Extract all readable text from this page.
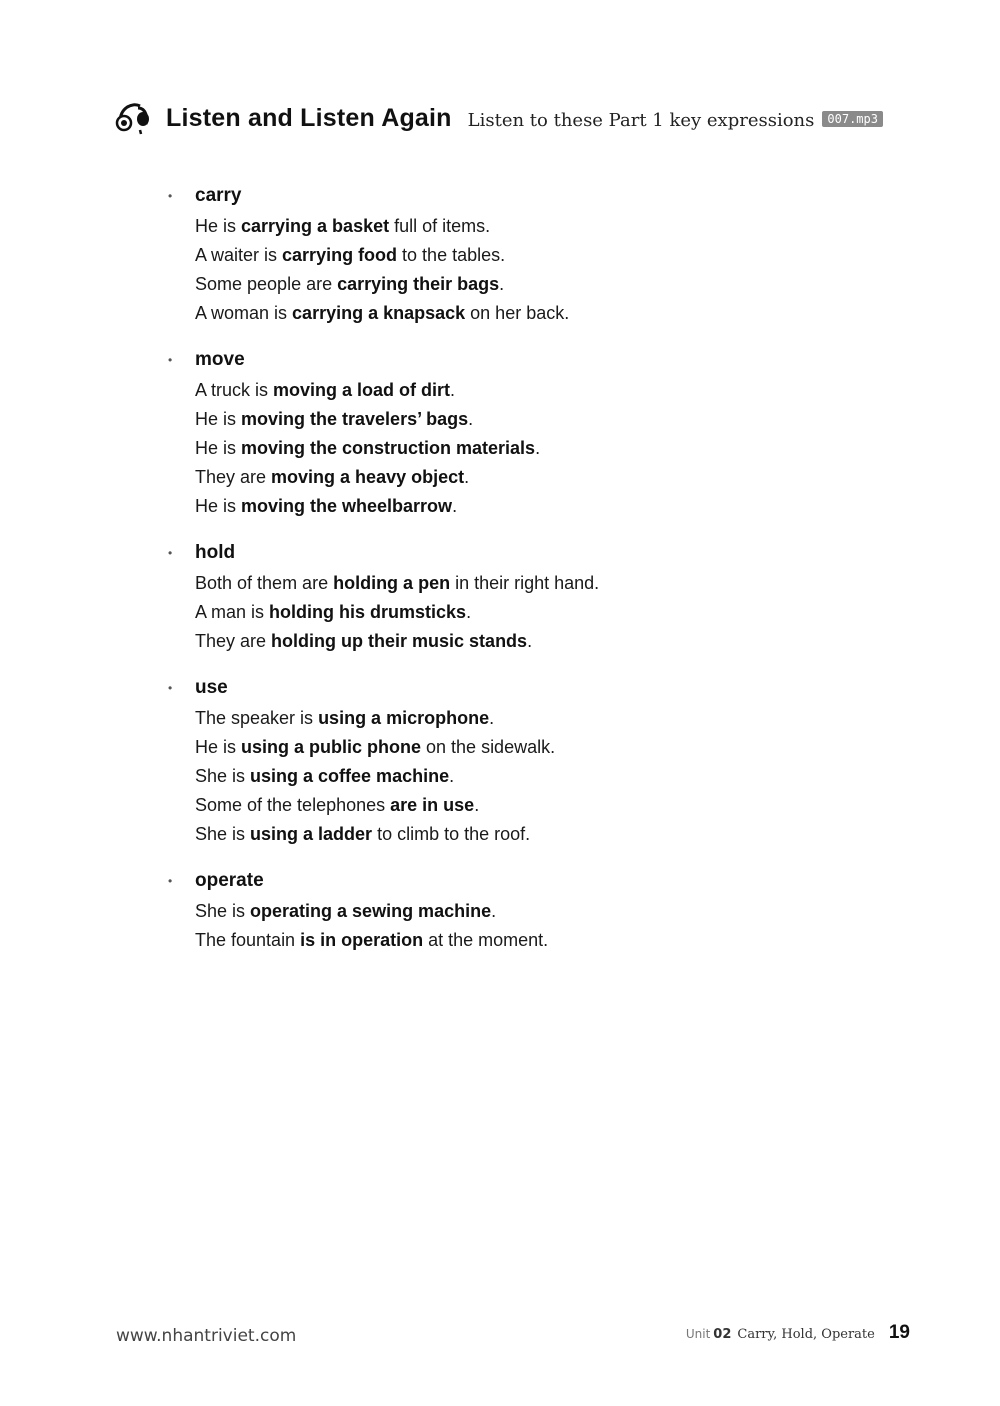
Listen and Listen Again Listen to these Part 1 key expressions	007.mp3
•	carry
He is carrying a basket full of items.
A waiter is carrying food to the tables.
Some people are carrying their bags.
A woman is carrying a knapsack on her back.
•	move
A truck is moving a load of dirt.
He is moving the travelers’ bags.
He is moving the construction materials.
They are moving a heavy object.
He is moving the wheelbarrow.
•	hold
Both of them are holding a pen in their right hand.
A man is holding his drumsticks.
They are holding up their music stands.
•	use
The speaker is using a microphone.
He is using a public phone on the sidewalk.
She is using a coffee machine.
Some of the telephones are in use.
She is using a ladder to climb to the roof.
•	operate
She is operating a sewing machine.
The fountain is in operation at the moment.
www.nhantriviet.com	Unit 02 Carry, Hold, Operate 19
